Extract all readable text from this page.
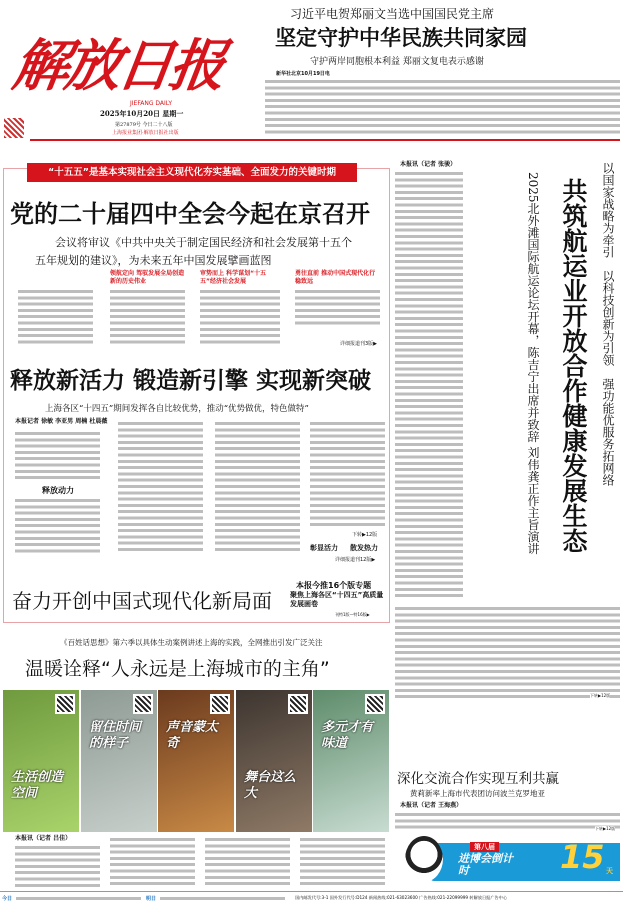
解放日报
JIEFANG DAILY
2025年10月20日 星期一
第27879号 今日二十八版
上海报业集团·解放日报社出版
习近平电贺郑丽文当选中国国民党主席
坚定守护中华民族共同家园
守护两岸同胞根本利益 郑丽文复电表示感谢
新华社北京10月19日电
“十五五”是基本实现社会主义现代化夯实基础、全面发力的关键时期
党的二十届四中全会今起在京召开
会议将审议《中共中央关于制定国民经济和社会发展第十五个
五年规划的建议》，为未来五年中国发展擘画蓝图
领航定向 驾驭发展全局创造新的历史伟业
审势而上 科学谋划“十五五”经济社会发展
勇往直前 推动中国式现代化行稳致远
详细报道刊3版▶
释放新活力 锻造新引擎 实现新突破
上海各区“十四五”期间发挥各自比较优势，推动“优势做优，特色做特”
本报记者 徐敏 李亚男 周楠 杜晨薇
释放动力
下转▶12版
彰显活力 散发热力
详细报道刊12版▶
奋力开创中国式现代化新局面
本报今推16个版专题
聚焦上海各区“十四五”高质量发展画卷
刊特1版—特16版▶
《百姓话思想》第六季以具体生动案例讲述上海的实践，全网推出引发广泛关注
温暖诠释“人永远是上海城市的主角”
生活创造空间
留住时间的样子
声音蒙太奇
舞台这么大
多元才有味道
本报讯（记者 吕佳）
本报讯（记者 张骏）	以国家战略为牵引　以科技创新为引领　强功能优服务拓网络
共筑航运业开放合作健康发展生态
2025北外滩国际航运论坛开幕，陈吉宁出席并致辞 刘伟龚正作主旨演讲
下转▶12版
深化交流合作实现互利共赢
黄莉新率上海市代表团访问波兰克罗地亚
本报讯（记者 王海燕）
下转▶12版
第八届
进博会倒计时	15 天
今日	明日	国内邮发代号:3-1 国外发行代号:D124 新闻热线:021-63023600 广告热线:021-22099999 转解放日报广告中心
